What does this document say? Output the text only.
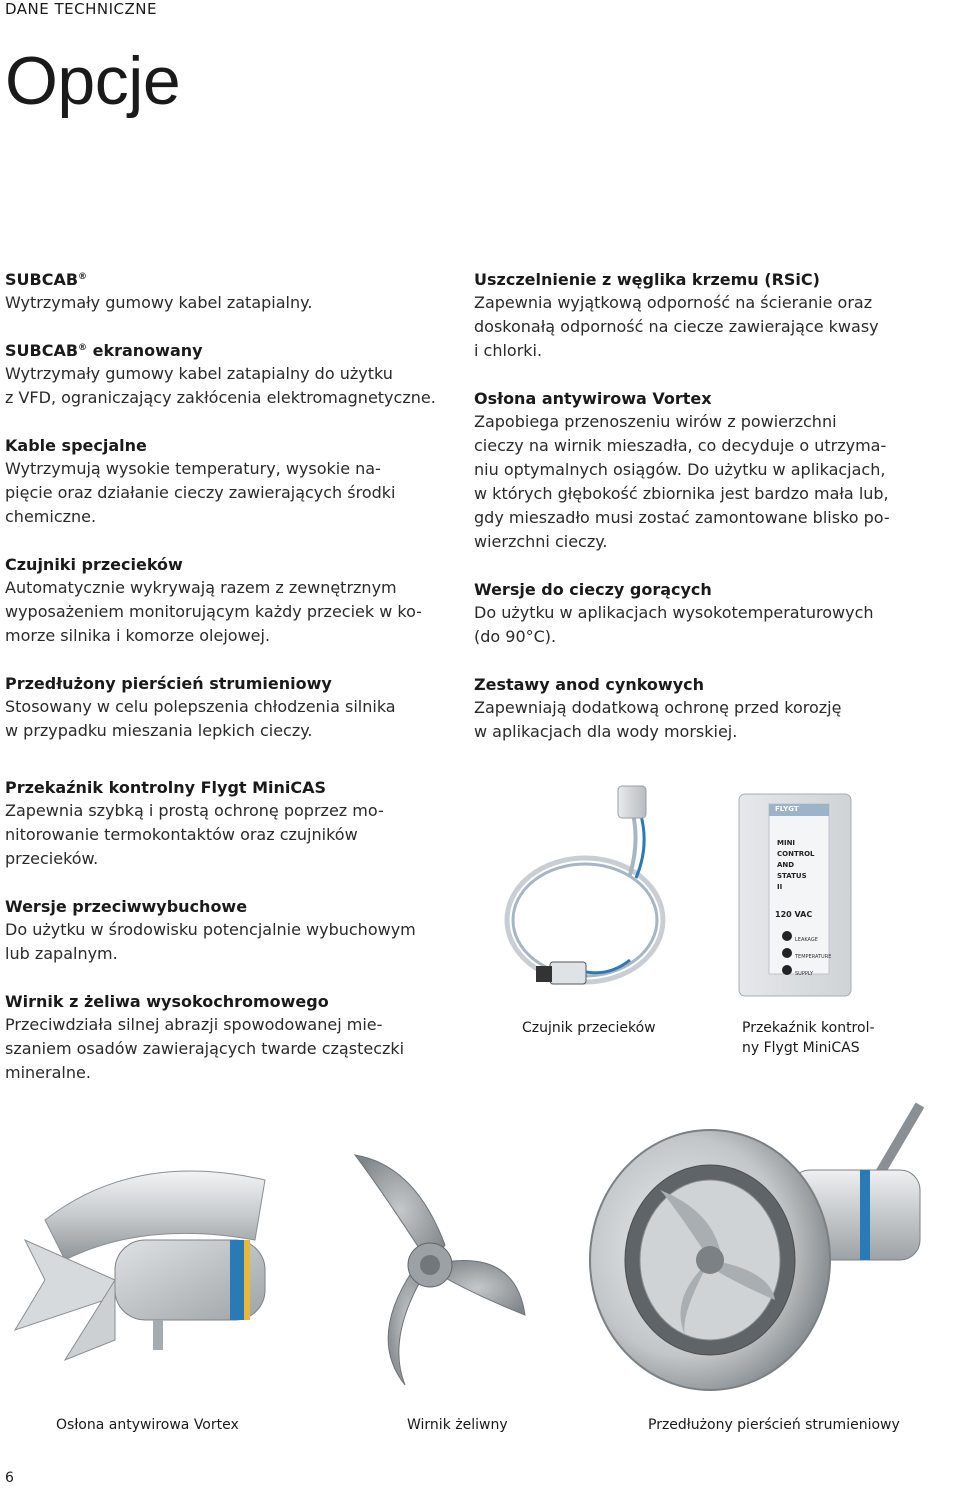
DANE TECHNICZNE
Opcje
SUBCAB®

Wytrzymały gumowy kabel zatapialny.

SUBCAB® ekranowany

Wytrzymały gumowy kabel zatapialny do użytku
z VFD, ograniczający zakłócenia elektromagnetyczne.

Kable specjalne

Wytrzymują wysokie temperatury, wysokie na-
pięcie oraz działanie cieczy zawierających środki
chemiczne.

Czujniki przecieków

Automatycznie wykrywają razem z zewnętrznym
wyposażeniem monitorującym każdy przeciek w ko-
morze silnika i komorze olejowej.

Przedłużony pierścień strumieniowy

Stosowany w celu polepszenia chłodzenia silnika
w przypadku mieszania lepkich cieczy.

Przekaźnik kontrolny Flygt MiniCAS

Zapewnia szybką i prostą ochronę poprzez mo-
nitorowanie termokontaktów oraz czujników
przecieków.

Wersje przeciwwybuchowe

Do użytku w środowisku potencjalnie wybuchowym
lub zapalnym.

Wirnik z żeliwa wysokochromowego

Przeciwdziała silnej abrazji spowodowanej mie-
szaniem osadów zawierających twarde cząsteczki
mineralne.

Uszczelnienie z węglika krzemu (RSiC)

Zapewnia wyjątkową odporność na ścieranie oraz
doskonałą odporność na ciecze zawierające kwasy
i chlorki.

Osłona antywirowa Vortex

Zapobiega przenoszeniu wirów z powierzchni
cieczy na wirnik mieszadła, co decyduje o utrzyma-
niu optymalnych osiągów. Do użytku w aplikacjach,
w których głębokość zbiornika jest bardzo mała lub,
gdy mieszadło musi zostać zamontowane blisko po-
wierzchni cieczy.

Wersje do cieczy gorących

Do użytku w aplikacjach wysokotemperaturowych
(do 90°C).

Zestawy anod cynkowych

Zapewniają dodatkową ochronę przed korozję
w aplikacjach dla wody morskiej.

FLYGT
MINI
CONTROL
AND
STATUS
II
120 VAC
LEAKAGE
TEMPERATURE
SUPPLY
Czujnik przecieków	Przekaźnik kontrol-
ny Flygt MiniCAS
Osłona antywirowa Vortex	Wirnik żeliwny	Przedłużony pierścień strumieniowy
6
